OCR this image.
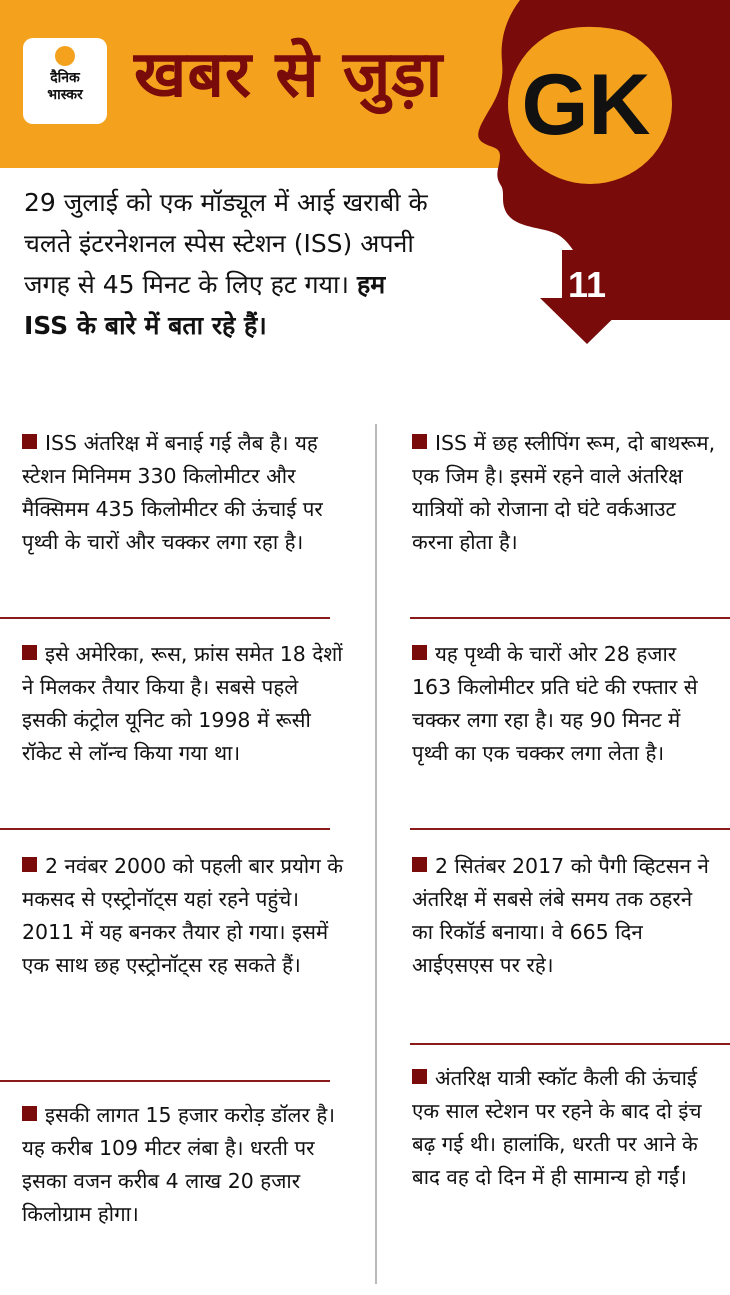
दैनिक
भास्कर खबर से जुड़ा GK
11
29 जुलाई को एक मॉड्यूल में आई खराबी के चलते इंटरनेशनल स्पेस स्टेशन (ISS) अपनी जगह से 45 मिनट के लिए हट गया। हम ISS के बारे में बता रहे हैं।

ISS अंतरिक्ष में बनाई गई लैब है। यह स्टेशन मिनिमम 330 किलोमीटर और मैक्सिमम 435 किलोमीटर की ऊंचाई पर पृथ्वी के चारों और चक्कर लगा रहा है।

इसे अमेरिका, रूस, फ्रांस समेत 18 देशों ने मिलकर तैयार किया है। सबसे पहले इसकी कंट्रोल यूनिट को 1998 में रूसी रॉकेट से लॉन्च किया गया था।

2 नवंबर 2000 को पहली बार प्रयोग के मकसद से एस्ट्रोनॉट्स यहां रहने पहुंचे। 2011 में यह बनकर तैयार हो गया। इसमें एक साथ छह एस्ट्रोनॉट्स रह सकते हैं।

इसकी लागत 15 हजार करोड़ डॉलर है। यह करीब 109 मीटर लंबा है। धरती पर इसका वजन करीब 4 लाख 20 हजार किलोग्राम होगा।

ISS में छह स्लीपिंग रूम, दो बाथरूम, एक जिम है। इसमें रहने वाले अंतरिक्ष यात्रियों को रोजाना दो घंटे वर्कआउट करना होता है।

यह पृथ्वी के चारों ओर 28 हजार 163 किलोमीटर प्रति घंटे की रफ्तार से चक्कर लगा रहा है। यह 90 मिनट में पृथ्वी का एक चक्कर लगा लेता है।

2 सितंबर 2017 को पैगी व्हिटसन ने अंतरिक्ष में सबसे लंबे समय तक ठहरने का रिकॉर्ड बनाया। वे 665 दिन आईएसएस पर रहे।

अंतरिक्ष यात्री स्कॉट कैली की ऊंचाई एक साल स्टेशन पर रहने के बाद दो इंच बढ़ गई थी। हालांकि, धरती पर आने के बाद वह दो दिन में ही सामान्य हो गईं।
